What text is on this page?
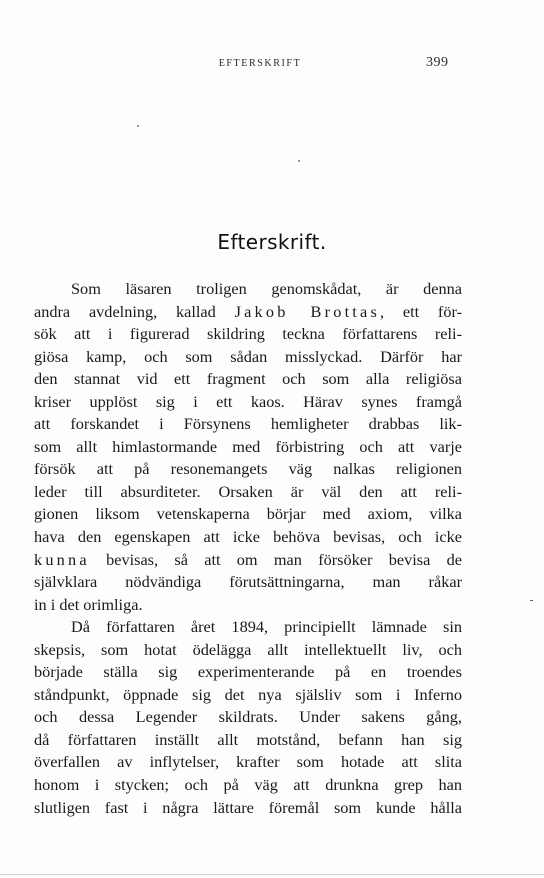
EFTERSKRIFT	399
Efterskrift.
Som läsaren troligen genomskådat, är denna
andra avdelning, kallad Jakob Brottas, ett för-
sök att i figurerad skildring teckna författarens reli-
giösa kamp, och som sådan misslyckad. Därför har
den stannat vid ett fragment och som alla religiösa
kriser upplöst sig i ett kaos. Härav synes framgå
att forskandet i Försynens hemligheter drabbas lik-
som allt himlastormande med förbistring och att varje
försök att på resonemangets väg nalkas religionen
leder till absurditeter. Orsaken är väl den att reli-
gionen liksom vetenskaperna börjar med axiom, vilka
hava den egenskapen att icke behöva bevisas, och icke
kunna bevisas, så att om man försöker bevisa de
självklara nödvändiga förutsättningarna, man råkar
in i det orimliga.
Då författaren året 1894, principiellt lämnade sin
skepsis, som hotat ödelägga allt intellektuellt liv, och
började ställa sig experimenterande på en troendes
ståndpunkt, öppnade sig det nya själsliv som i Inferno
och dessa Legender skildrats. Under sakens gång,
då författaren inställt allt motstånd, befann han sig
överfallen av inflytelser, krafter som hotade att slita
honom i stycken; och på väg att drunkna grep han
slutligen fast i några lättare föremål som kunde hålla
